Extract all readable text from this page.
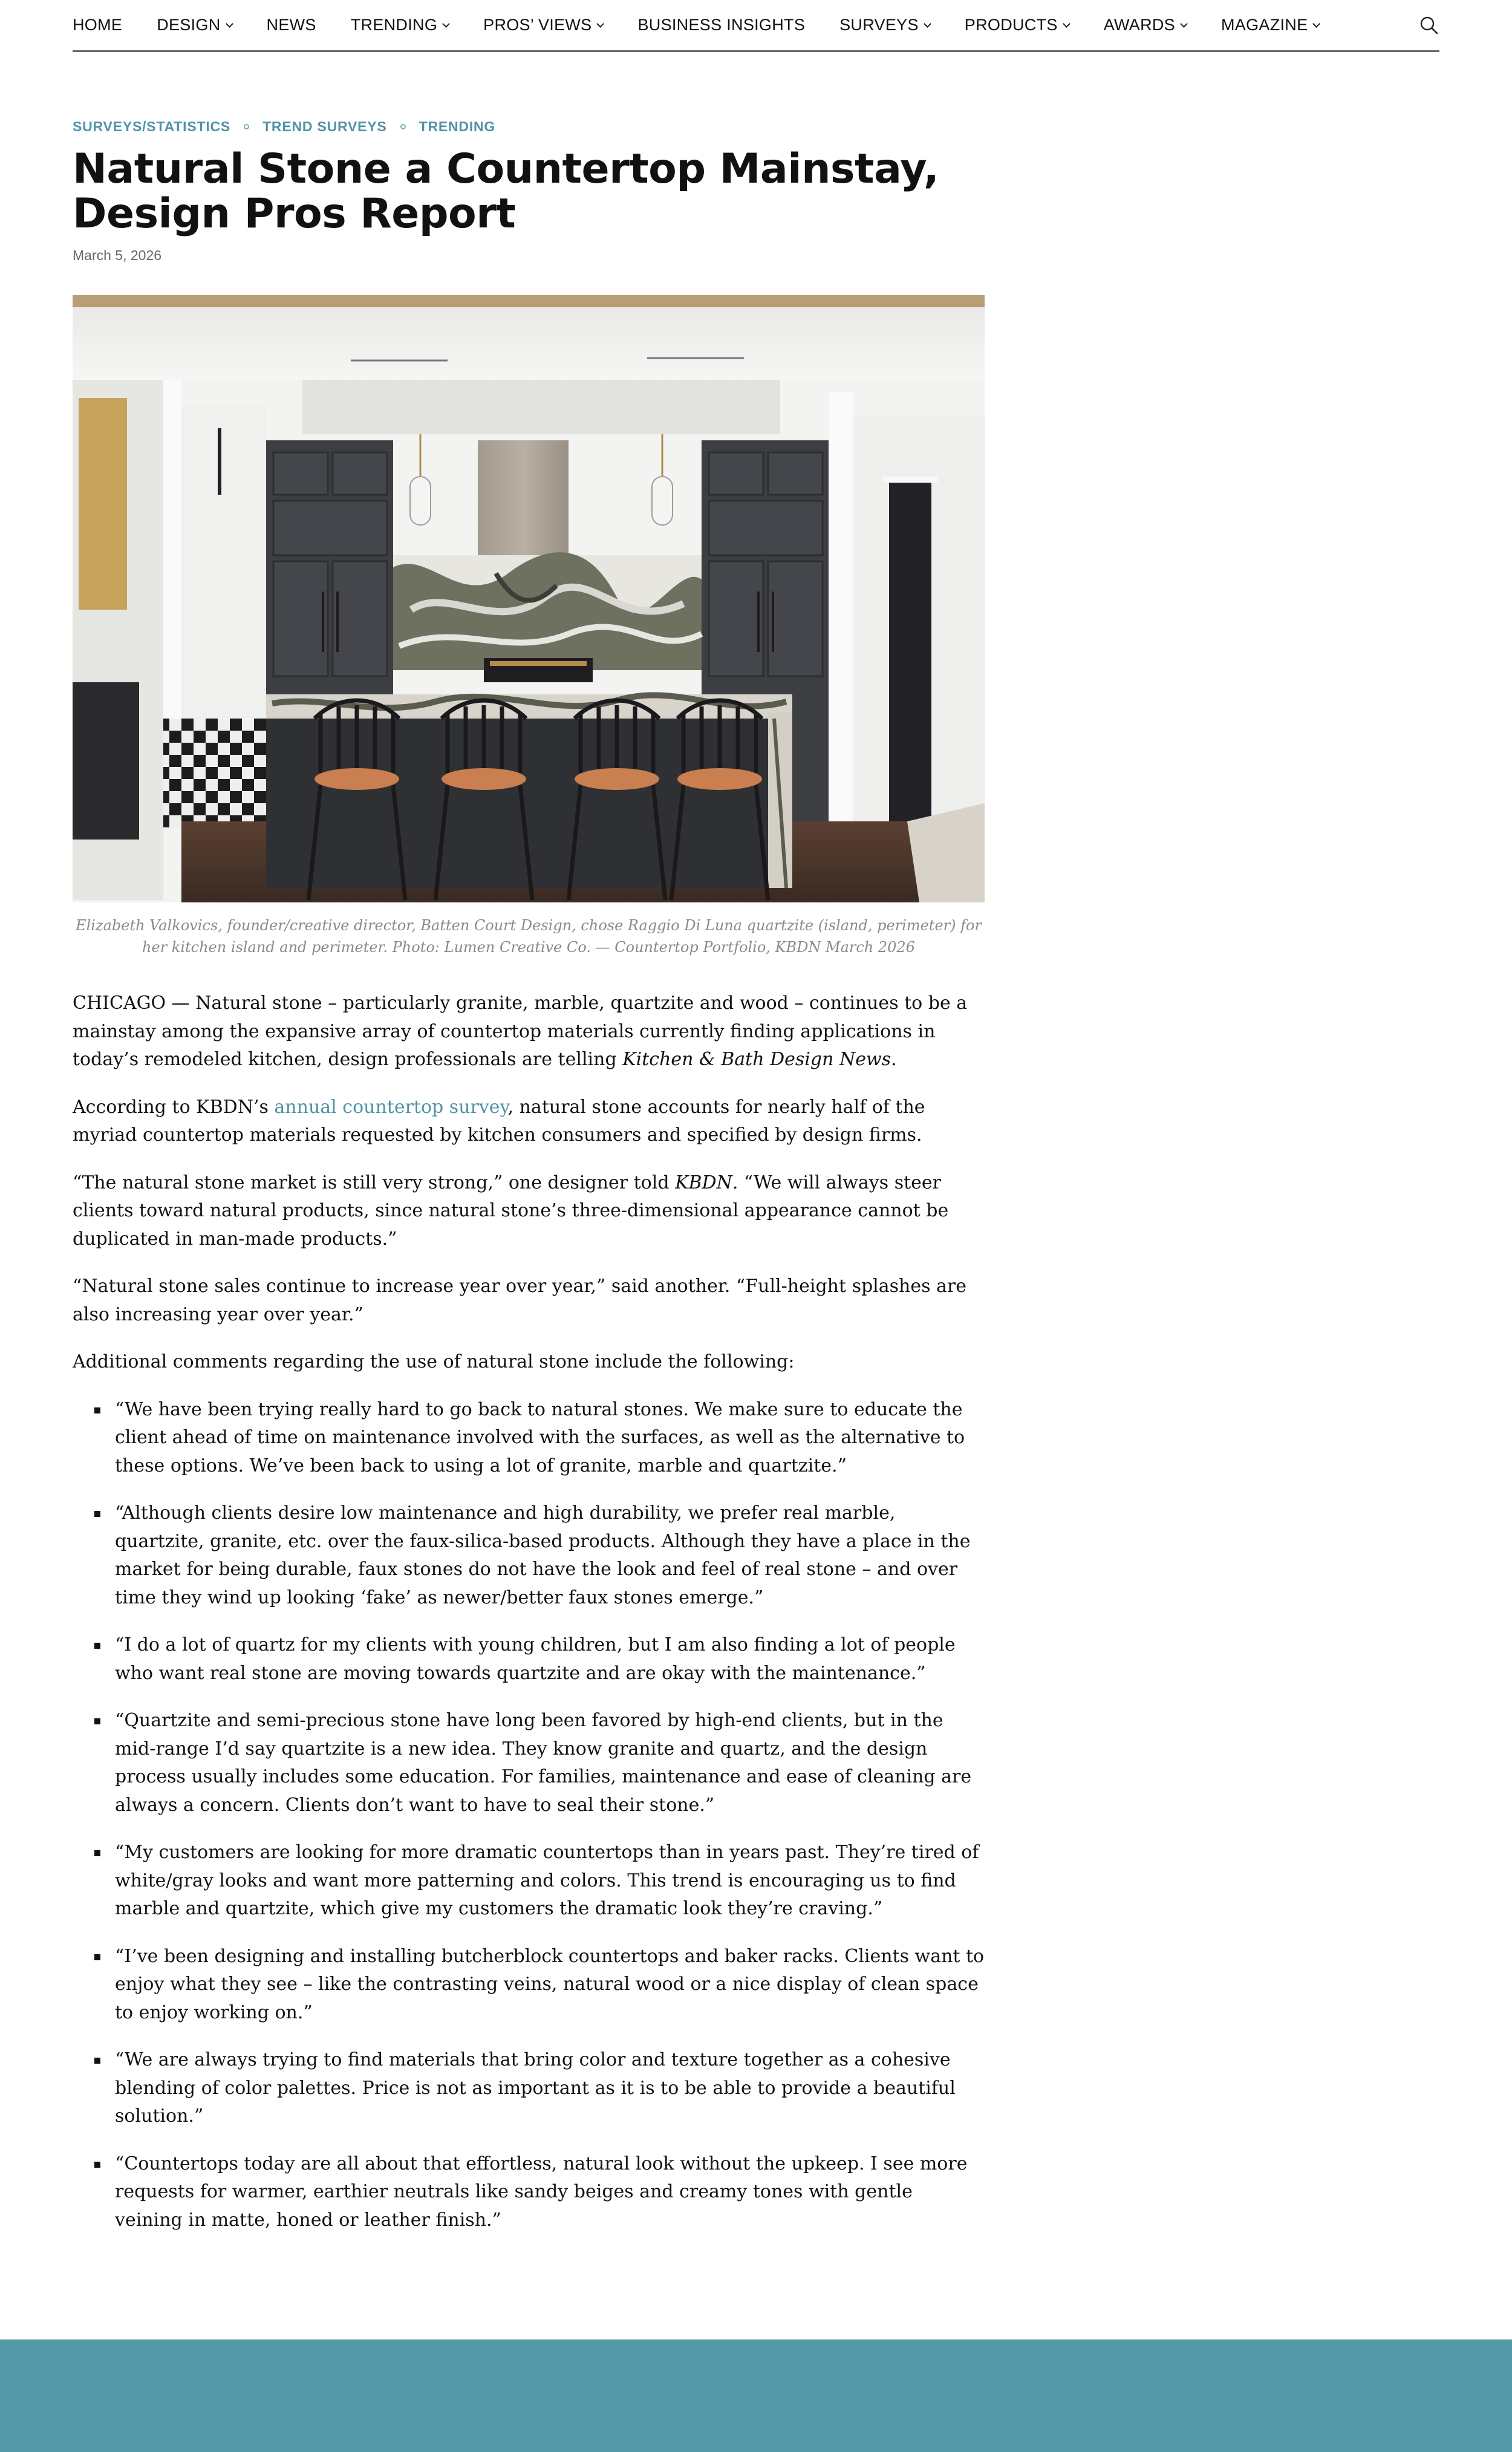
HOME DESIGN	NEWS TRENDING	PROS’ VIEWS	BUSINESS INSIGHTS SURVEYS	PRODUCTS	AWARDS	MAGAZINE
SURVEYS/STATISTICS TREND SURVEYS TRENDING
Natural Stone a Countertop Mainstay, Design Pros Report
March 5, 2026
Elizabeth Valkovics, founder/creative director, Batten Court Design, chose Raggio Di Luna quartzite (island, perimeter) for her kitchen island and perimeter. Photo: Lumen Creative Co. — Countertop Portfolio, KBDN March 2026

CHICAGO — Natural stone – particularly granite, marble, quartzite and wood – continues to be a mainstay among the expansive array of countertop materials currently finding applications in today’s remodeled kitchen, design professionals are telling Kitchen & Bath Design News.

According to KBDN’s annual countertop survey, natural stone accounts for nearly half of the myriad countertop materials requested by kitchen consumers and specified by design firms.

“The natural stone market is still very strong,” one designer told KBDN. “We will always steer clients toward natural products, since natural stone’s three-dimensional appearance cannot be duplicated in man-made products.”

“Natural stone sales continue to increase year over year,” said another. “Full-height splashes are also increasing year over year.”

Additional comments regarding the use of natural stone include the following:

“We have been trying really hard to go back to natural stones. We make sure to educate the client ahead of time on maintenance involved with the surfaces, as well as the alternative to these options. We’ve been back to using a lot of granite, marble and quartzite.”
“Although clients desire low maintenance and high durability, we prefer real marble, quartzite, granite, etc. over the faux-silica-based products. Although they have a place in the market for being durable, faux stones do not have the look and feel of real stone – and over time they wind up looking ‘fake’ as newer/better faux stones emerge.”
“I do a lot of quartz for my clients with young children, but I am also finding a lot of people who want real stone are moving towards quartzite and are okay with the maintenance.”
“Quartzite and semi-precious stone have long been favored by high-end clients, but in the mid-range I’d say quartzite is a new idea. They know granite and quartz, and the design process usually includes some education. For families, maintenance and ease of cleaning are always a concern. Clients don’t want to have to seal their stone.”
“My customers are looking for more dramatic countertops than in years past. They’re tired of white/gray looks and want more patterning and colors. This trend is encouraging us to find marble and quartzite, which give my customers the dramatic look they’re craving.”
“I’ve been designing and installing butcherblock countertops and baker racks. Clients want to enjoy what they see – like the contrasting veins, natural wood or a nice display of clean space to enjoy working on.”
“We are always trying to find materials that bring color and texture together as a cohesive blending of color palettes. Price is not as important as it is to be able to provide a beautiful solution.”
“Countertops today are all about that effortless, natural look without the upkeep. I see more requests for warmer, earthier neutrals like sandy beiges and creamy tones with gentle veining in matte, honed or leather finish.”
